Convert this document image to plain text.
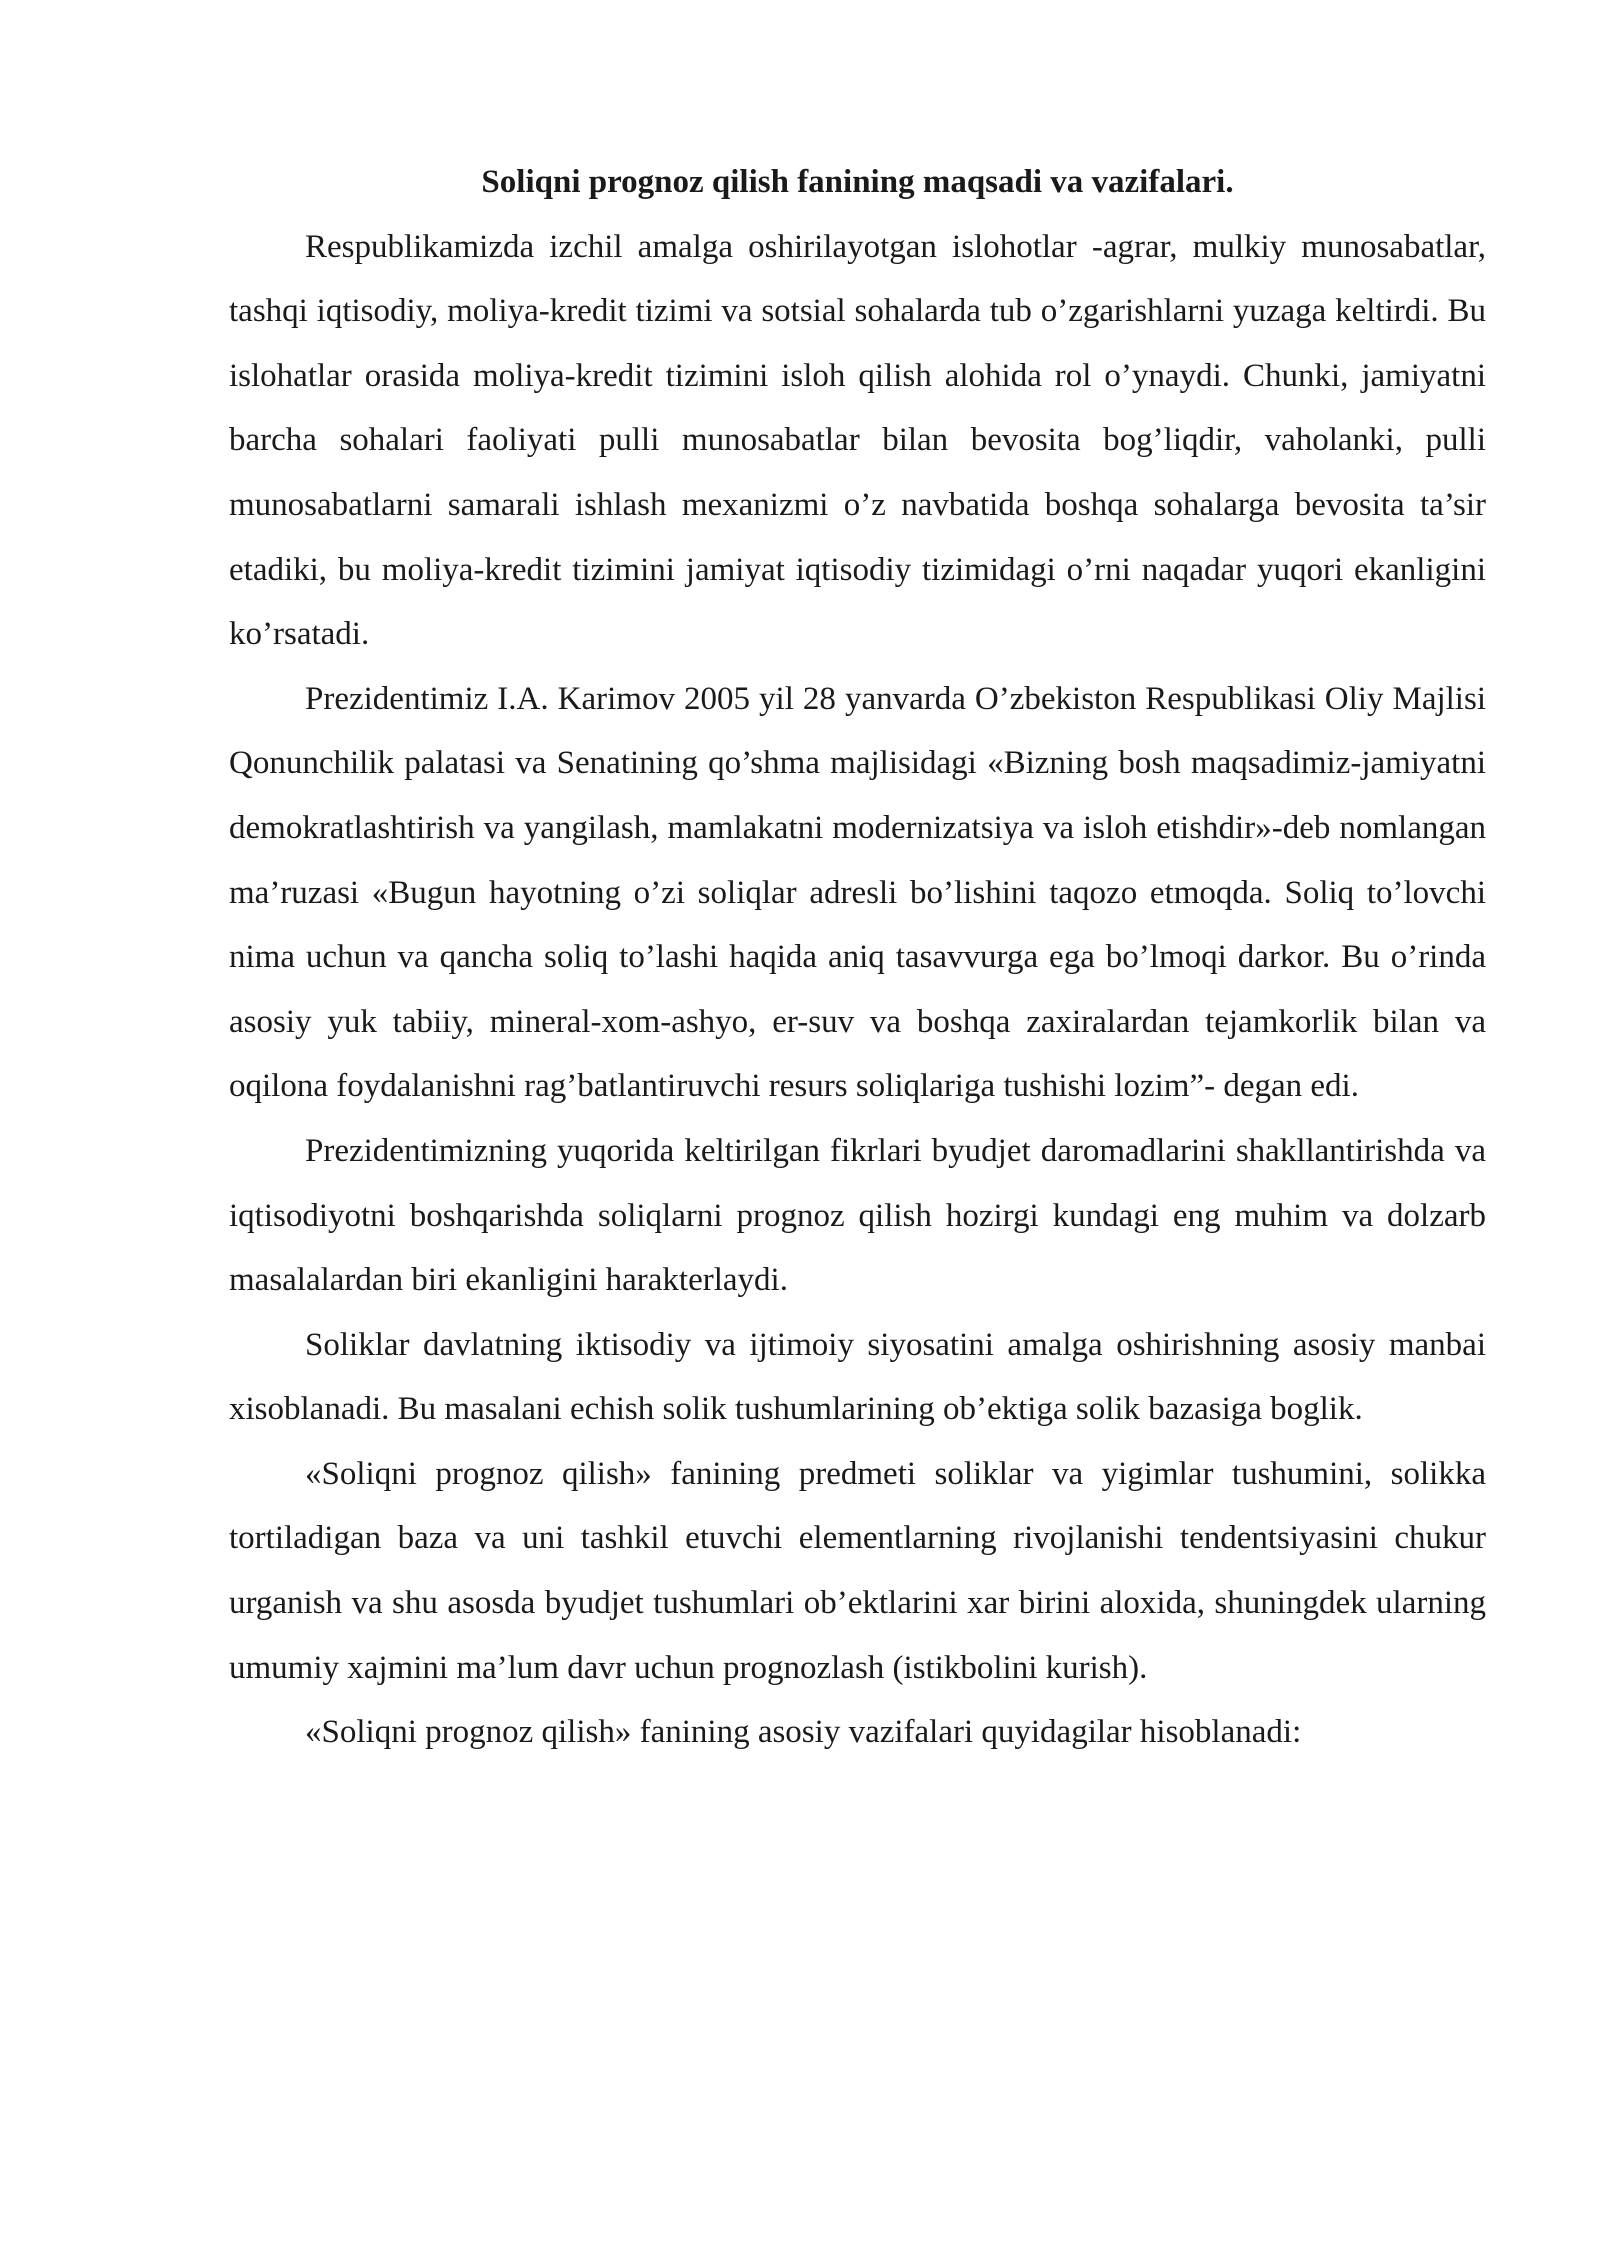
Soliqni prognoz qilish fanining maqsadi va vazifalari.

Respublikamizda izchil amalga oshirilayotgan islohotlar -agrar, mulkiy munosabatlar, tashqi iqtisodiy, moliya-kredit tizimi va sotsial sohalarda tub o’zgarishlarni yuzaga keltirdi. Bu islohatlar orasida moliya-kredit tizimini isloh qilish alohida rol o’ynaydi. Chunki, jamiyatni barcha sohalari faoliyati pulli munosabatlar bilan bevosita bog’liqdir, vaholanki, pulli munosabatlarni samarali ishlash mexanizmi o’z navbatida boshqa sohalarga bevosita ta’sir etadiki, bu moliya-kredit tizimini jamiyat iqtisodiy tizimidagi o’rni naqadar yuqori ekanligini ko’rsatadi.

Prezidentimiz I.A. Karimov 2005 yil 28 yanvarda O’zbekiston Respublikasi Oliy Majlisi Qonunchilik palatasi va Senatining qo’shma majlisidagi «Bizning bosh maqsadimiz-jamiyatni demokratlashtirish va yangilash, mamlakatni modernizatsiya va isloh etishdir»-deb nomlangan ma’ruzasi «Bugun hayotning o’zi soliqlar adresli bo’lishini taqozo etmoqda. Soliq to’lovchi nima uchun va qancha soliq to’lashi haqida aniq tasavvurga ega bo’lmoqi darkor. Bu o’rinda asosiy yuk tabiiy, mineral-xom-ashyo, er-suv va boshqa zaxiralardan tejamkorlik bilan va oqilona foydalanishni rag’batlantiruvchi resurs soliqlariga tushishi lozim”- degan edi.

Prezidentimizning yuqorida keltirilgan fikrlari byudjet daromadlarini shakllantirishda va iqtisodiyotni boshqarishda soliqlarni prognoz qilish hozirgi kundagi eng muhim va dolzarb masalalardan biri ekanligini harakterlaydi.

Soliklar davlatning iktisodiy va ijtimoiy siyosatini amalga oshirishning asosiy manbai xisoblanadi. Bu masalani echish solik tushumlarining ob’ektiga solik bazasiga boglik.

«Soliqni prognoz qilish» fanining predmeti soliklar va yigimlar tushumini, solikka tortiladigan baza va uni tashkil etuvchi elementlarning rivojlanishi tendentsiyasini chukur urganish va shu asosda byudjet tushumlari ob’ektlarini xar birini aloxida, shuningdek ularning umumiy xajmini ma’lum davr uchun prognozlash (istikbolini kurish).

«Soliqni prognoz qilish» fanining asosiy vazifalari quyidagilar hisoblanadi:
